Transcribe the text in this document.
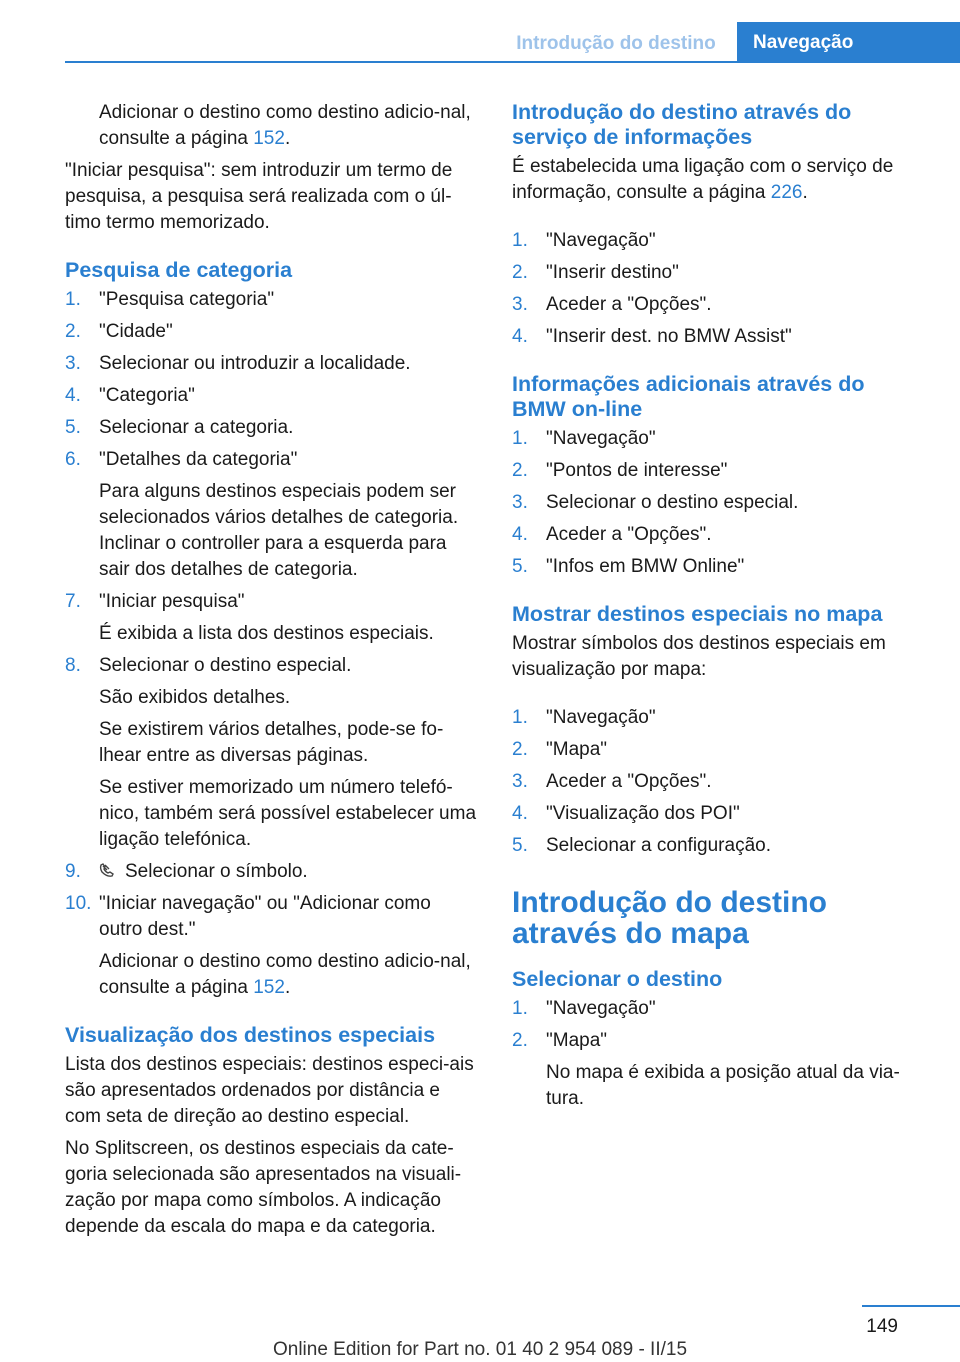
Introdução do destino	Navegação

Adicionar o destino como destino adicio‐nal, consulte a página 152.

"Iniciar pesquisa": sem introduzir um termo de pesquisa, a pesquisa será realizada com o úl‐timo termo memorizado.

Pesquisa de categoria
1. "Pesquisa categoria"
2. "Cidade"
3. Selecionar ou introduzir a localidade.
4. "Categoria"
5. Selecionar a categoria.
6. "Detalhes da categoria"
Para alguns destinos especiais podem ser selecionados vários detalhes de categoria. Inclinar o controller para a esquerda para sair dos detalhes de categoria.
7. "Iniciar pesquisa"
É exibida a lista dos destinos especiais.
8. Selecionar o destino especial.
São exibidos detalhes.
Se existirem vários detalhes, pode-se fo‐lhear entre as diversas páginas.
Se estiver memorizado um número telefó‐nico, também será possível estabelecer uma ligação telefónica.
9. Selecionar o símbolo.
10. "Iniciar navegação" ou "Adicionar como outro dest."
Adicionar o destino como destino adicio‐nal, consulte a página 152.
Visualização dos destinos especiais

Lista dos destinos especiais: destinos especi‐ais são apresentados ordenados por distância e com seta de direção ao destino especial.

No Splitscreen, os destinos especiais da cate‐goria selecionada são apresentados na visuali‐zação por mapa como símbolos. A indicação depende da escala do mapa e da categoria.

Introdução do destino através do serviço de informações

É estabelecida uma ligação com o serviço de informação, consulte a página 226.

1. "Navegação"
2. "Inserir destino"
3. Aceder a "Opções".
4. "Inserir dest. no BMW Assist"
Informações adicionais através do BMW on-line
1. "Navegação"
2. "Pontos de interesse"
3. Selecionar o destino especial.
4. Aceder a "Opções".
5. "Infos em BMW Online"
Mostrar destinos especiais no mapa

Mostrar símbolos dos destinos especiais em visualização por mapa:

1. "Navegação"
2. "Mapa"
3. Aceder a "Opções".
4. "Visualização dos POI"
5. Selecionar a configuração.
Introdução do destino através do mapa
Selecionar o destino
1. "Navegação"
2. "Mapa"
No mapa é exibida a posição atual da via‐tura.
149
Online Edition for Part no. 01 40 2 954 089 - II/15
